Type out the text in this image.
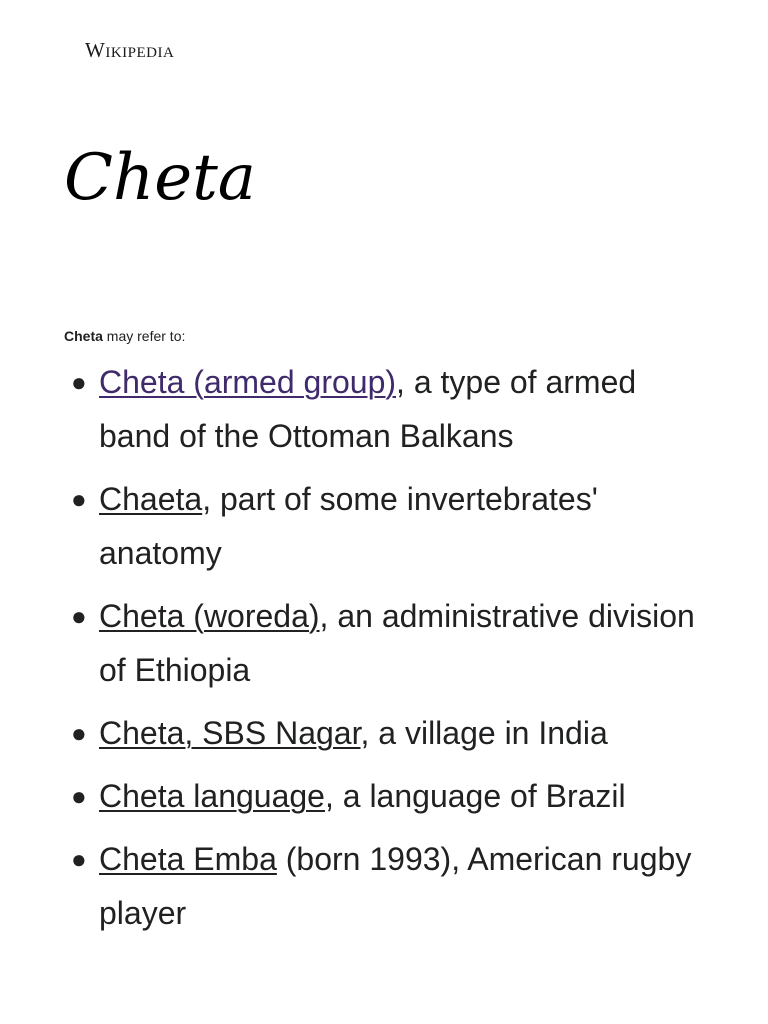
Wikipedia
Cheta

Cheta may refer to:

● Cheta (armed group), a type of armed band of the Ottoman Balkans
● Chaeta, part of some invertebrates' anatomy
● Cheta (woreda), an administrative division of Ethiopia
● Cheta, SBS Nagar, a village in India
● Cheta language, a language of Brazil
● Cheta Emba (born 1993), American rugby player
